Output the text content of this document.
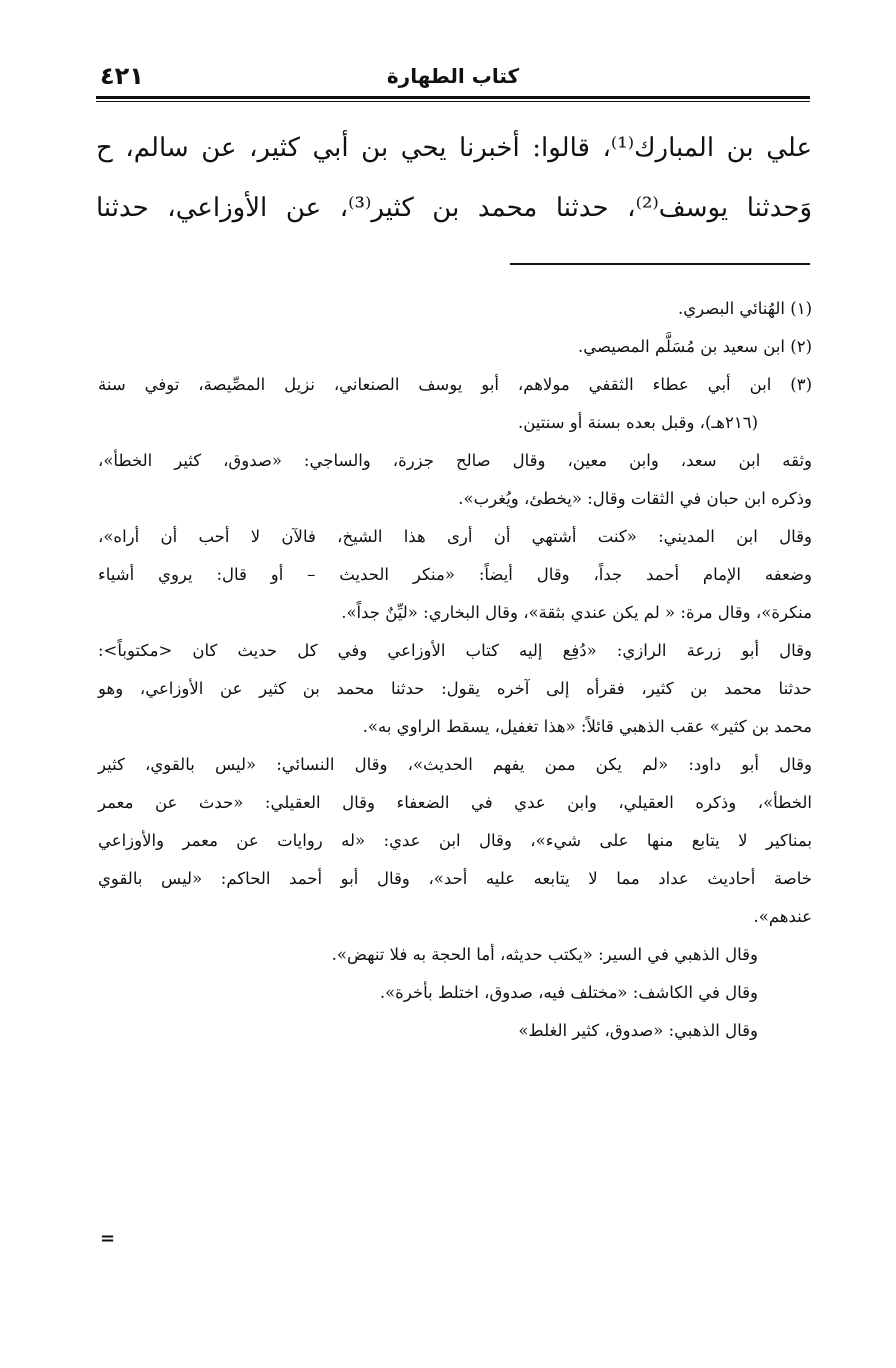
٤٢١	كتاب الطهارة
علي بن المبارك⁽¹⁾، قالوا: أخبرنا يحي بن أبي كثير، عن سالم، ح
وَحدثنا يوسف⁽²⁾، حدثنا محمد بن كثير⁽³⁾، عن الأوزاعي، حدثنا
(١) الهُنائي البصري.
(٢) ابن سعيد بن مُسَلَّم المصيصي.
(٣) ابن أبي عطاء الثقفي مولاهم، أبو يوسف الصنعاني، نزيل المصِّيصة، توفي سنة
(٢١٦هـ)، وقبل بعده بسنة أو سنتين.
وثقه ابن سعد، وابن معين، وقال صالح جزرة، والساجي: «صدوق، كثير الخطأ»،
وذكره ابن حبان في الثقات وقال: «يخطئ، ويُغرب».
وقال ابن المديني: «كنت أشتهي أن أرى هذا الشيخ، فالآن لا أحب أن أراه»،
وضعفه الإمام أحمد جداً، وقال أيضاً: «منكر الحديث – أو قال: يروي أشياء
منكرة»، وقال مرة: « لم يكن عندي بثقة»، وقال البخاري: «ليِّنٌ جداً».
وقال أبو زرعة الرازي: «دُفِع إليه كتاب الأوزاعي وفي كل حديث كان <مكتوباً>:
حدثنا محمد بن كثير، فقرأه إلى آخره يقول: حدثنا محمد بن كثير عن الأوزاعي، وهو
محمد بن كثير» عقب الذهبي قائلاً: «هذا تغفيل، يسقط الراوي به».
وقال أبو داود: «لم يكن ممن يفهم الحديث»، وقال النسائي: «ليس بالقوي، كثير
الخطأ»، وذكره العقيلي، وابن عدي في الضعفاء وقال العقيلي: «حدث عن معمر
بمناكير لا يتابع منها على شيء»، وقال ابن عدي: «له روايات عن معمر والأوزاعي
خاصة أحاديث عداد مما لا يتابعه عليه أحد»، وقال أبو أحمد الحاكم: «ليس بالقوي
عندهم».
وقال الذهبي في السير: «يكتب حديثه، أما الحجة به فلا تنهض».
وقال في الكاشف: «مختلف فيه، صدوق، اختلط بأخرة».
وقال الذهبي: «صدوق، كثير الغلط»
=
